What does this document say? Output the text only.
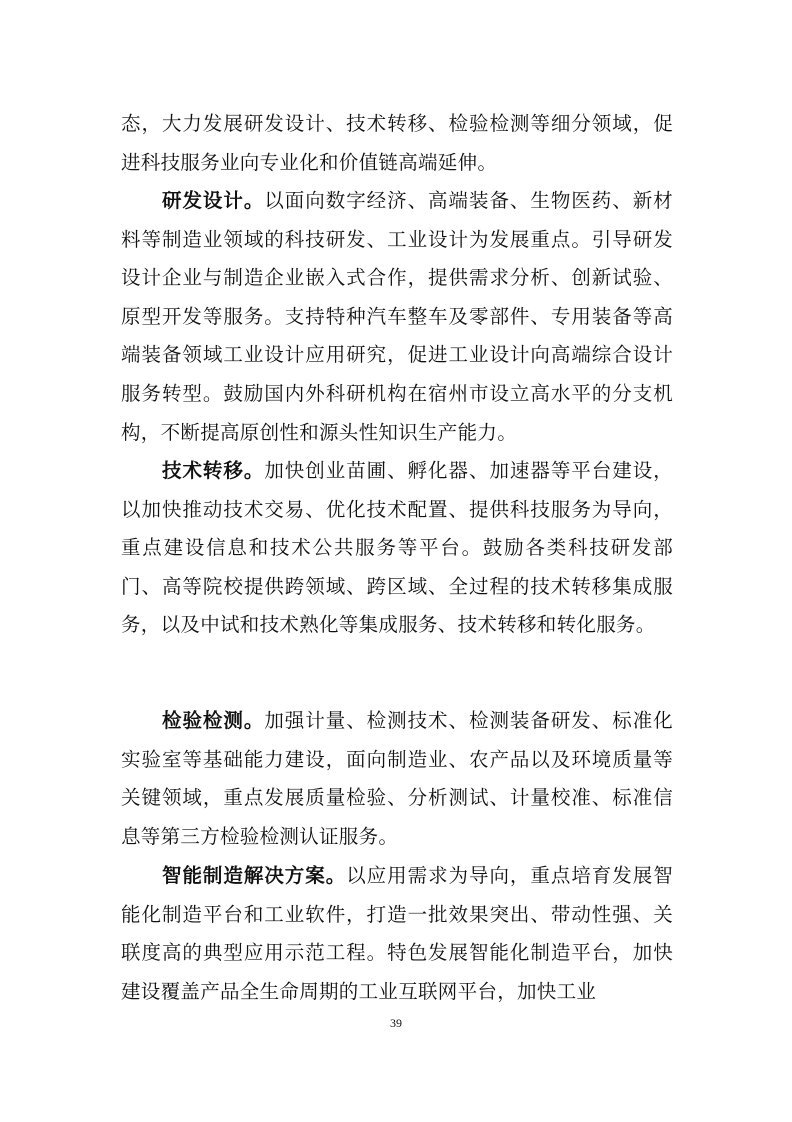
态，大力发展研发设计、技术转移、检验检测等细分领域，促进科技服务业向专业化和价值链高端延伸。

研发设计。以面向数字经济、高端装备、生物医药、新材料等制造业领域的科技研发、工业设计为发展重点。引导研发设计企业与制造企业嵌入式合作，提供需求分析、创新试验、原型开发等服务。支持特种汽车整车及零部件、专用装备等高端装备领域工业设计应用研究，促进工业设计向高端综合设计服务转型。鼓励国内外科研机构在宿州市设立高水平的分支机构，不断提高原创性和源头性知识生产能力。

技术转移。加快创业苗圃、孵化器、加速器等平台建设，以加快推动技术交易、优化技术配置、提供科技服务为导向，重点建设信息和技术公共服务等平台。鼓励各类科技研发部门、高等院校提供跨领域、跨区域、全过程的技术转移集成服务，以及中试和技术熟化等集成服务、技术转移和转化服务。

检验检测。加强计量、检测技术、检测装备研发、标准化实验室等基础能力建设，面向制造业、农产品以及环境质量等关键领域，重点发展质量检验、分析测试、计量校准、标准信息等第三方检验检测认证服务。

智能制造解决方案。以应用需求为导向，重点培育发展智能化制造平台和工业软件，打造一批效果突出、带动性强、关联度高的典型应用示范工程。特色发展智能化制造平台，加快建设覆盖产品全生命周期的工业互联网平台，加快工业

39
